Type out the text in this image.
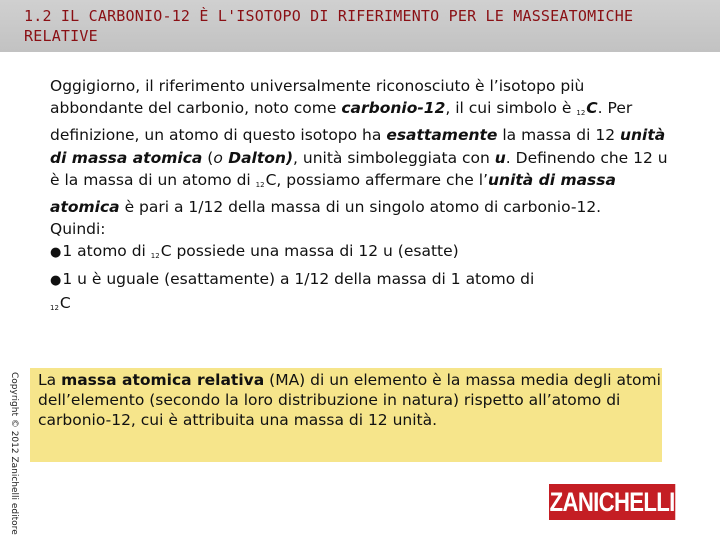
1.2 IL CARBONIO-12 È L'ISOTOPO DI RIFERIMENTO PER LE MASSEATOMICHE RELATIVE
Oggigiorno, il riferimento universalmente riconosciuto è l’isotopo più abbondante del carbonio, noto come carbonio-12, il cui simbolo è $_{12}$C. Per definizione, un atomo di questo isotopo ha esattamente la massa di 12 unità di massa atomica (o Dalton), unità simboleggiata con u. Definendo che 12 u è la massa di un atomo di $_{12}$C, possiamo affermare che l’unità di massa atomica è pari a 1/12 della massa di un singolo atomo di carbonio-12.
Quindi:
●1 atomo di $_{12}$C possiede una massa di 12 u (esatte)
●1 u è uguale (esattamente) a 1/12 della massa di 1 atomo di
$_{12}$C
La massa atomica relativa (MA) di un elemento è la massa media degli atomi dell’elemento (secondo la loro distribuzione in natura) rispetto all’atomo di carbonio-12, cui è attribuita una massa di 12 unità.
Copyright © 2012 Zanichelli editore	ZANICHELLI
